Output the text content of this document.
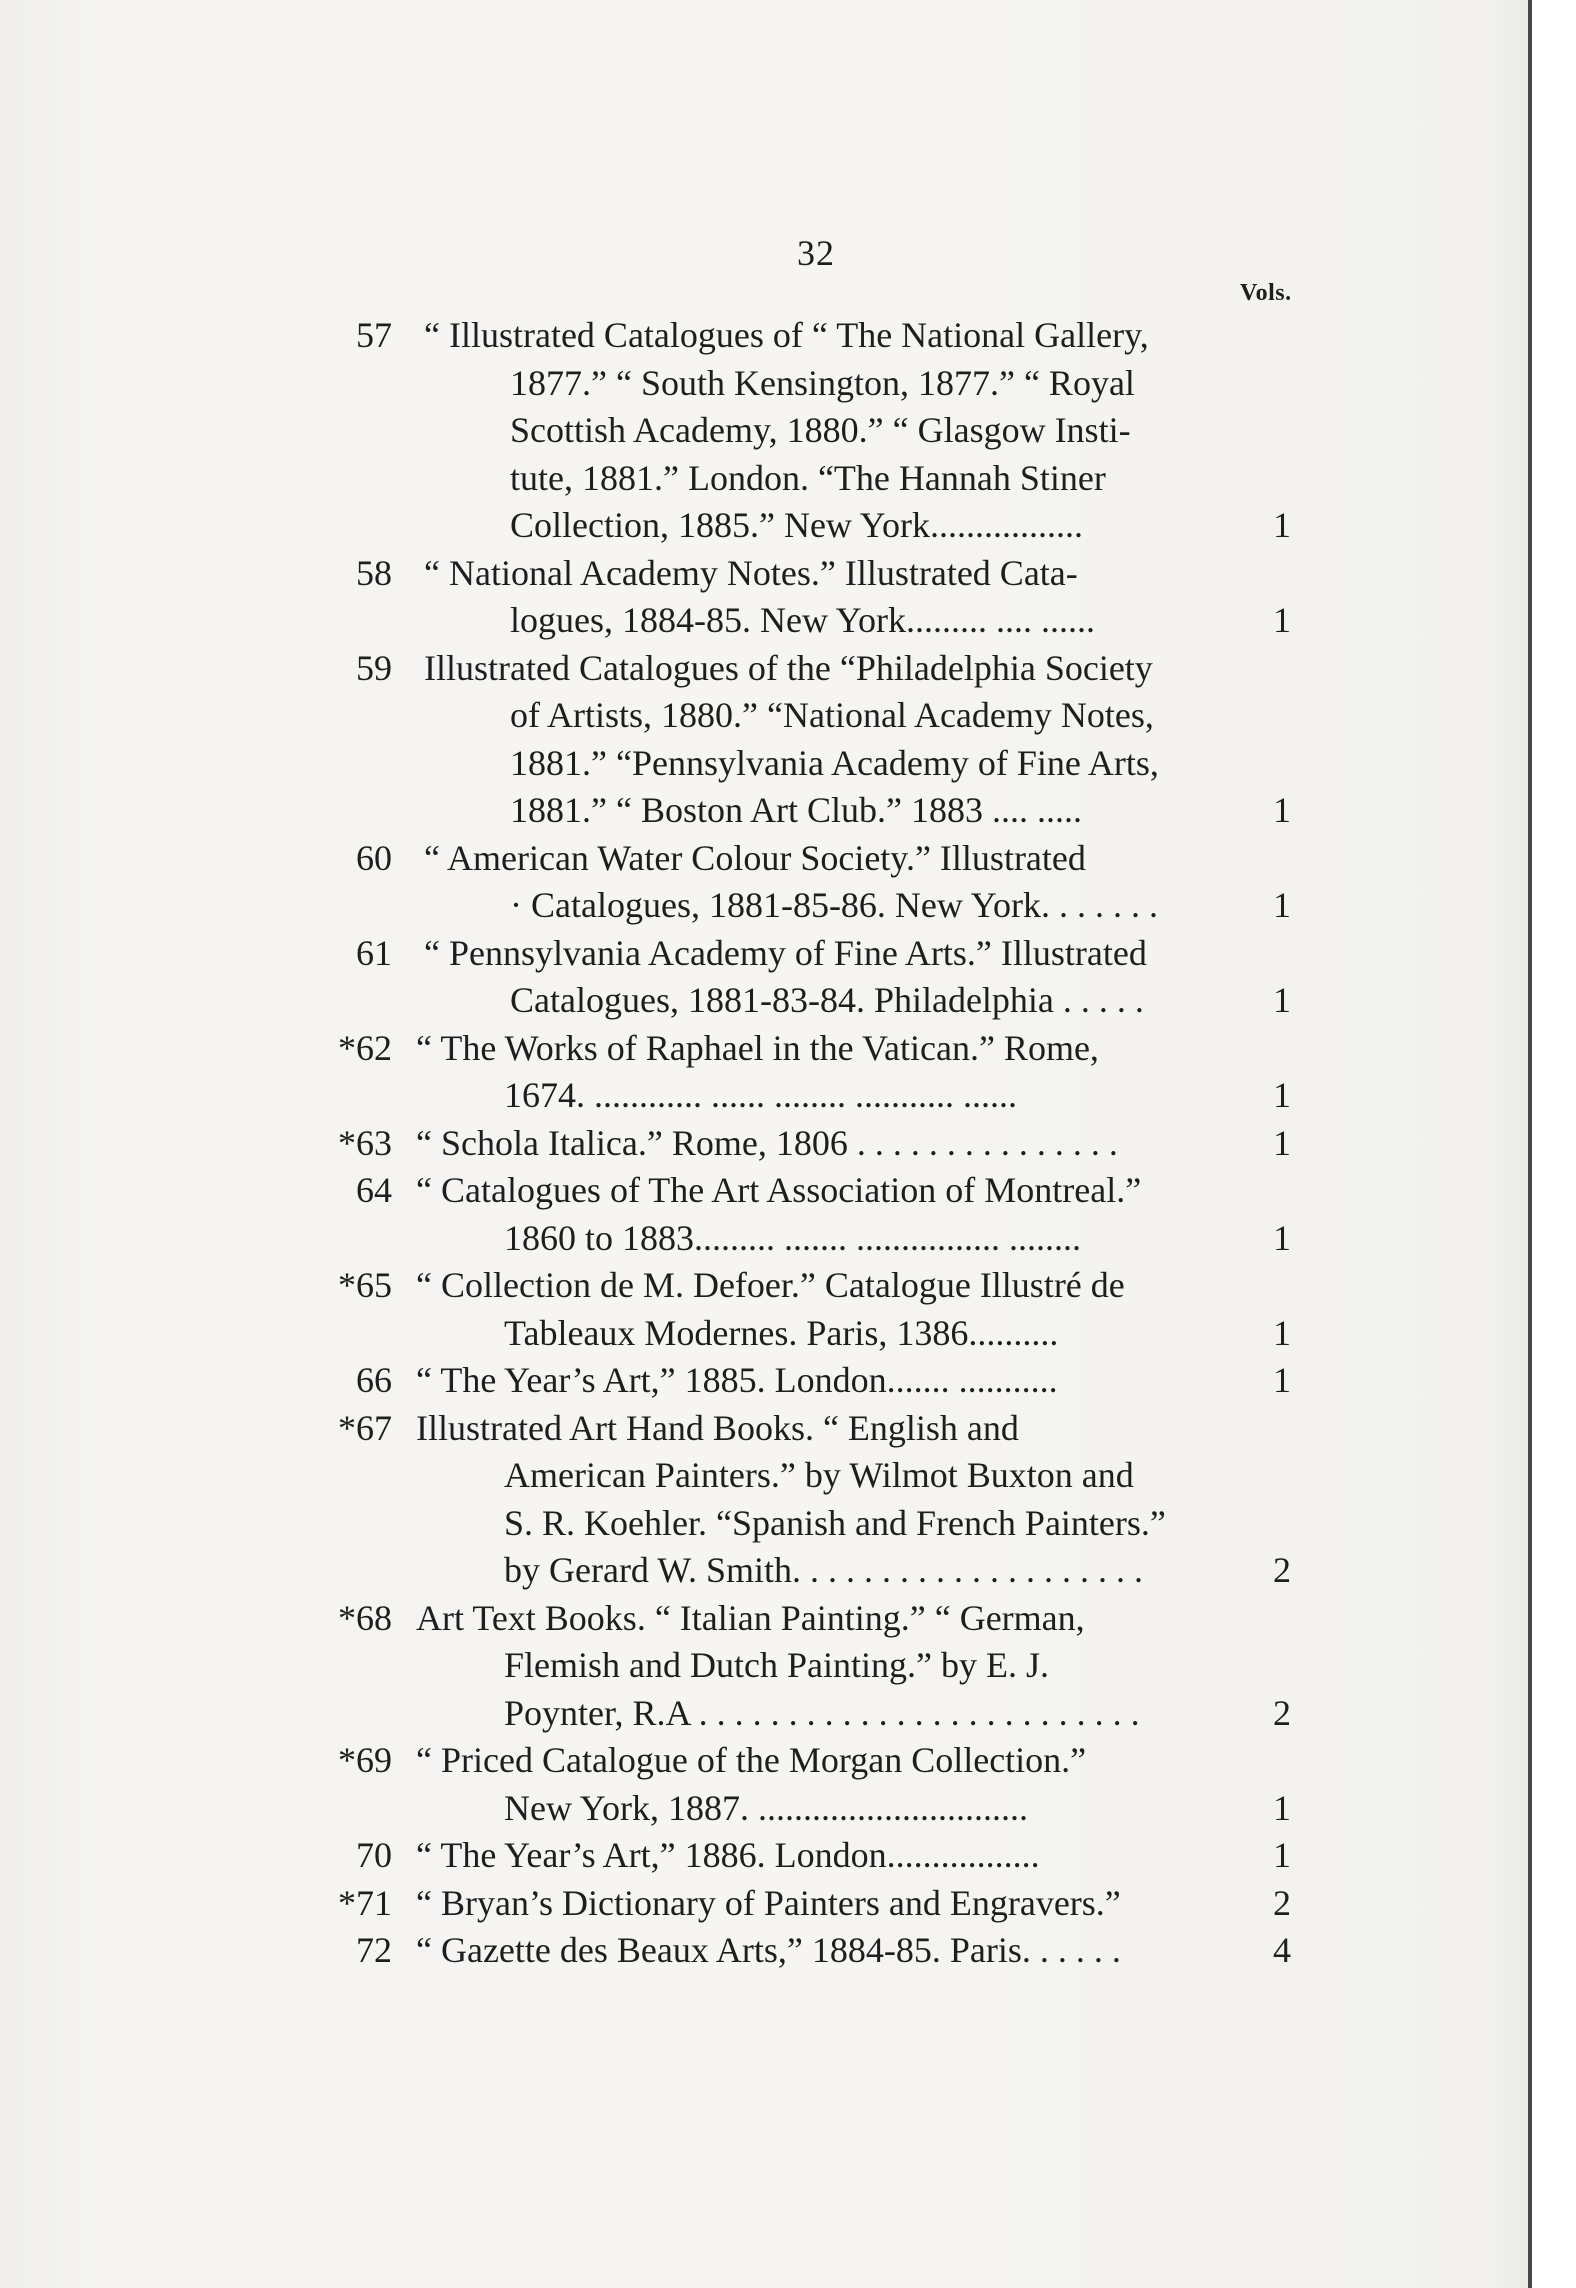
32
Vols.
57 “ Illustrated Catalogues of “ The National Gallery,
1877.” “ South Kensington, 1877.” “ Royal
Scottish Academy, 1880.” “ Glasgow Insti-
tute, 1881.” London. “The Hannah Stiner
Collection, 1885.” New York.................	1
58 “ National Academy Notes.” Illustrated Cata-
logues, 1884-85. New York......... .... ......	1
59 Illustrated Catalogues of the “Philadelphia Society
of Artists, 1880.” “National Academy Notes,
1881.” “Pennsylvania Academy of Fine Arts,
1881.” “ Boston Art Club.” 1883 .... .....	1
60 “ American Water Colour Society.” Illustrated
· Catalogues, 1881-85-86. New York. . . . . . .	1
61 “ Pennsylvania Academy of Fine Arts.” Illustrated
Catalogues, 1881-83-84. Philadelphia . . . . .	1
*62 “ The Works of Raphael in the Vatican.” Rome,
1674. ............ ...... ........ ........... ......	1
*63 “ Schola Italica.” Rome, 1806 . . . . . . . . . . . . . . .	1
64 “ Catalogues of The Art Association of Montreal.”
1860 to 1883......... ....... ................ ........	1
*65 “ Collection de M. Defoer.” Catalogue Illustré de
Tableaux Modernes. Paris, 1386..........	1
66 “ The Year’s Art,” 1885. London....... ...........	1
*67 Illustrated Art Hand Books. “ English and
American Painters.” by Wilmot Buxton and
S. R. Koehler. “Spanish and French Painters.”
by Gerard W. Smith. . . . . . . . . . . . . . . . . . . .	2
*68 Art Text Books. “ Italian Painting.” “ German,
Flemish and Dutch Painting.” by E. J.
Poynter, R.A . . . . . . . . . . . . . . . . . . . . . . . . .	2
*69 “ Priced Catalogue of the Morgan Collection.”
New York, 1887. ..............................	1
70 “ The Year’s Art,” 1886. London.................	1
*71 “ Bryan’s Dictionary of Painters and Engravers.”	2
72 “ Gazette des Beaux Arts,” 1884-85. Paris. . . . . .	4
